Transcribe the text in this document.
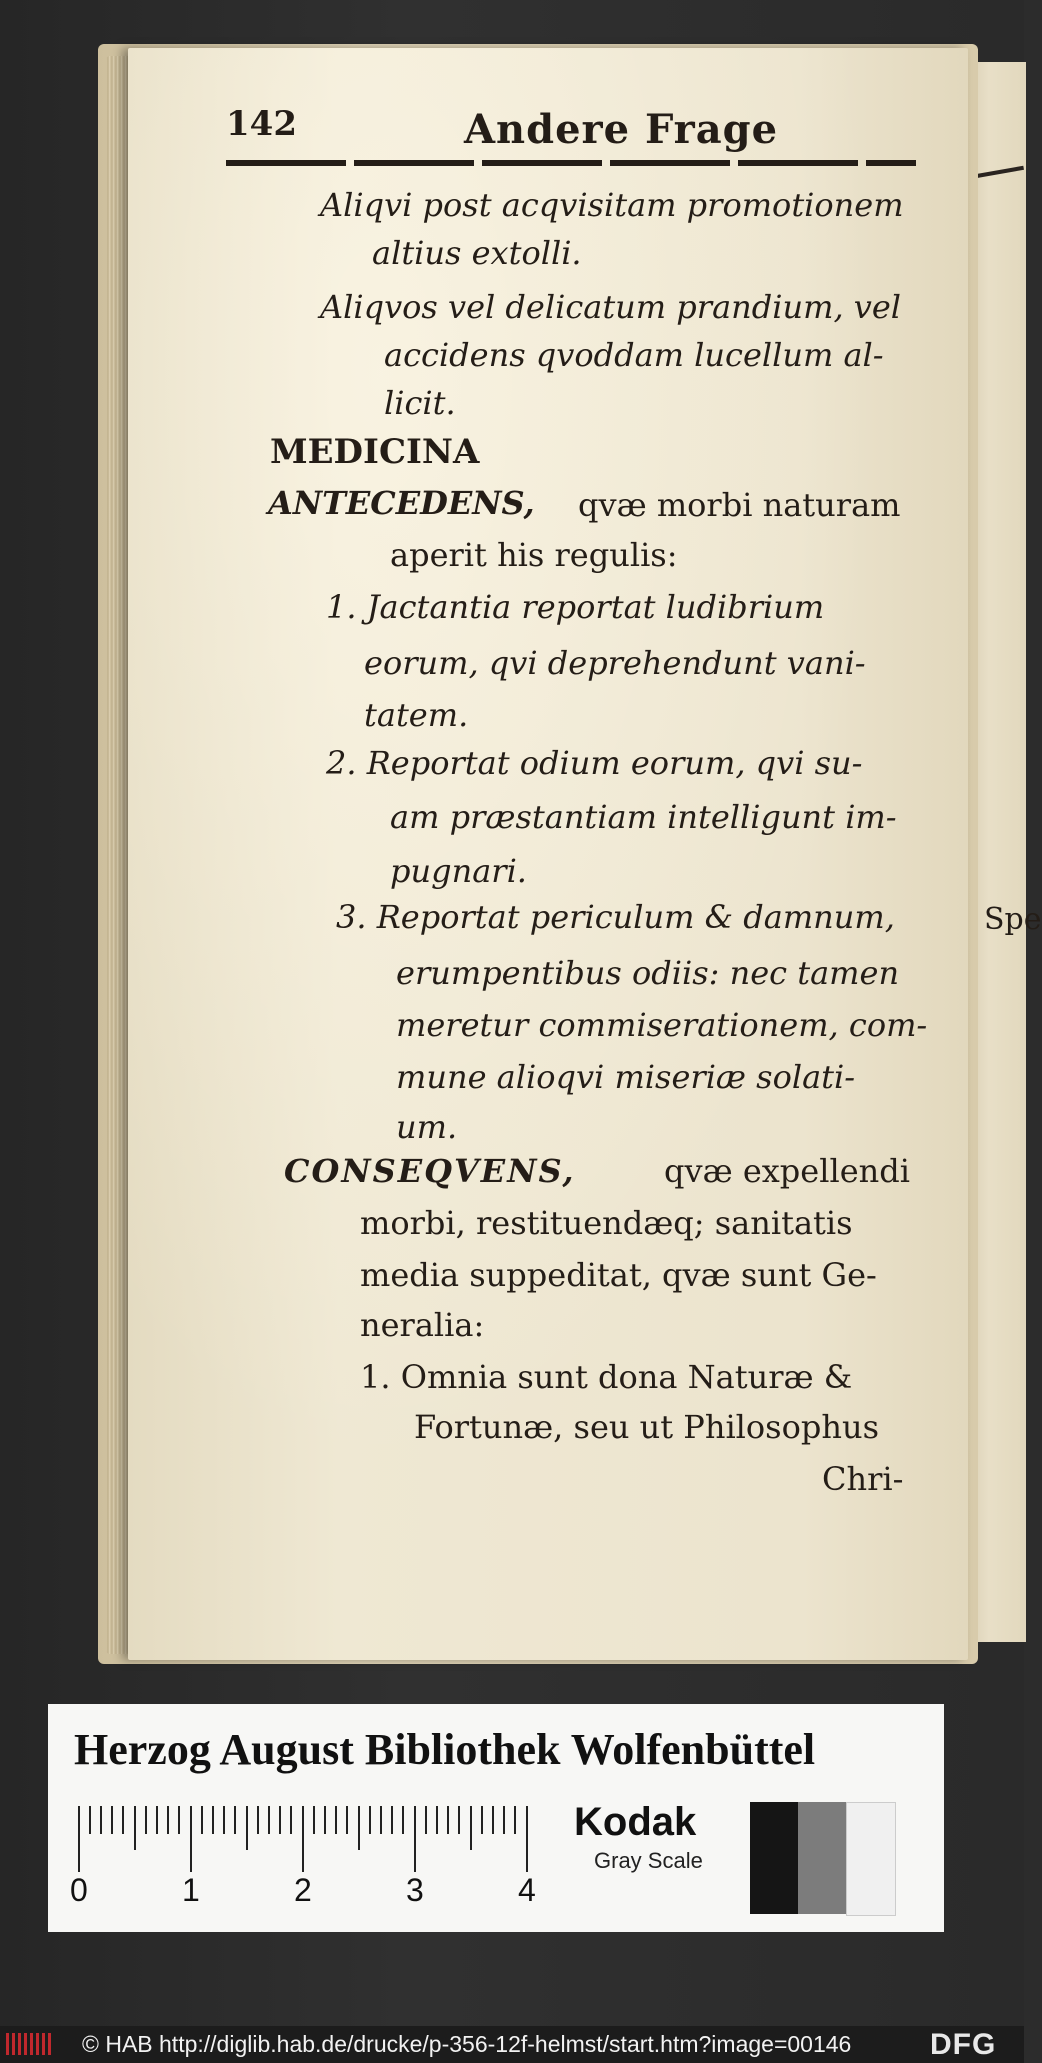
Spe
142	Andere Frage
Aliqvi post acqvisitam promotionem
altius extolli.
Aliqvos vel delicatum prandium, vel
accidens qvoddam lucellum al-
licit.
MEDICINA
ANTECEDENS, qvæ morbi naturam
aperit his regulis:
1. Jactantia reportat ludibrium
eorum, qvi deprehendunt vani-
tatem.
2. Reportat odium eorum, qvi su-
am præstantiam intelligunt im-
pugnari.
3. Reportat periculum & damnum,
erumpentibus odiis: nec tamen
meretur commiserationem, com-
mune alioqvi miseriæ solati-
um.
CONSEQVENS,	qvæ expellendi
morbi, restituendæq; sanitatis
media suppeditat, qvæ sunt Ge-
neralia:
1. Omnia sunt dona Naturæ &
Fortunæ, seu ut Philosophus
Chri-
Herzog August Bibliothek Wolfenbüttel
0	1	2	3	4
Kodak
Gray Scale
© HAB http://diglib.hab.de/drucke/p-356-12f-helmst/start.htm?image=00146	DFG
